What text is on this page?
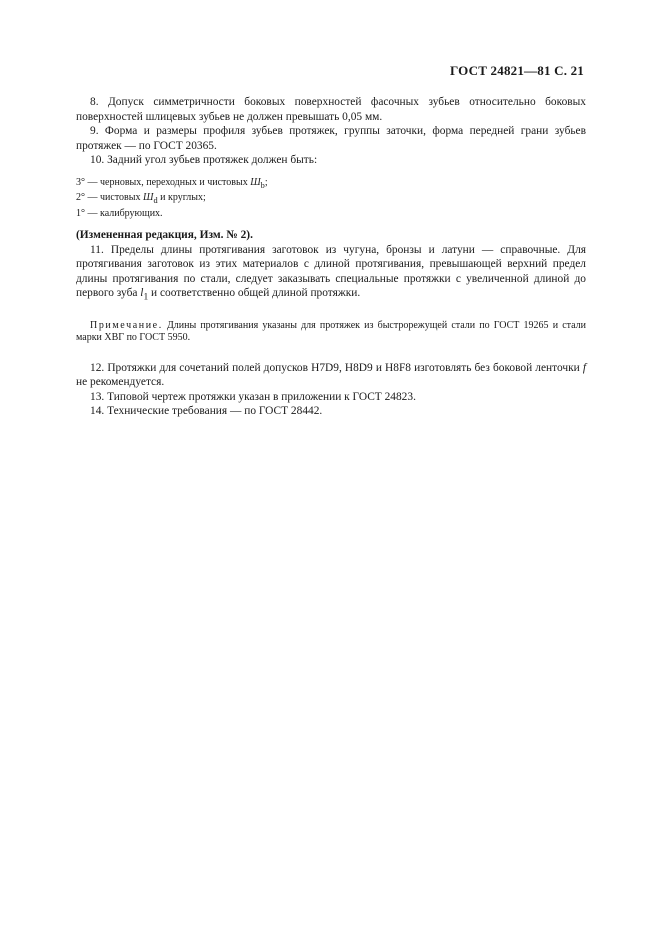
ГОСТ 24821—81 С. 21

8. Допуск симметричности боковых поверхностей фасочных зубьев относительно боковых поверхностей шлицевых зубьев не должен превышать 0,05 мм.

9. Форма и размеры профиля зубьев протяжек, группы заточки, форма передней грани зубьев протяжек — по ГОСТ 20365.

10. Задний угол зубьев протяжек должен быть:

3° — черновых, переходных и чистовых $Ш_b$;
2° — чистовых $Ш_d$ и круглых;
1° — калибрующих.

(Измененная редакция, Изм. № 2).

11. Пределы длины протягивания заготовок из чугуна, бронзы и латуни — справочные. Для протягивания заготовок из этих материалов с длиной протягивания, превышающей верхний предел длины протягивания по стали, следует заказывать специальные протяжки с увеличенной длиной до первого зуба $l_1$ и соответственно общей длиной протяжки.

Примечание. Длины протягивания указаны для протяжек из быстрорежущей стали по ГОСТ 19265 и стали марки ХВГ по ГОСТ 5950.

12. Протяжки для сочетаний полей допусков H7D9, H8D9 и H8F8 изготовлять без боковой ленточки f не рекомендуется.

13. Типовой чертеж протяжки указан в приложении к ГОСТ 24823.

14. Технические требования — по ГОСТ 28442.
